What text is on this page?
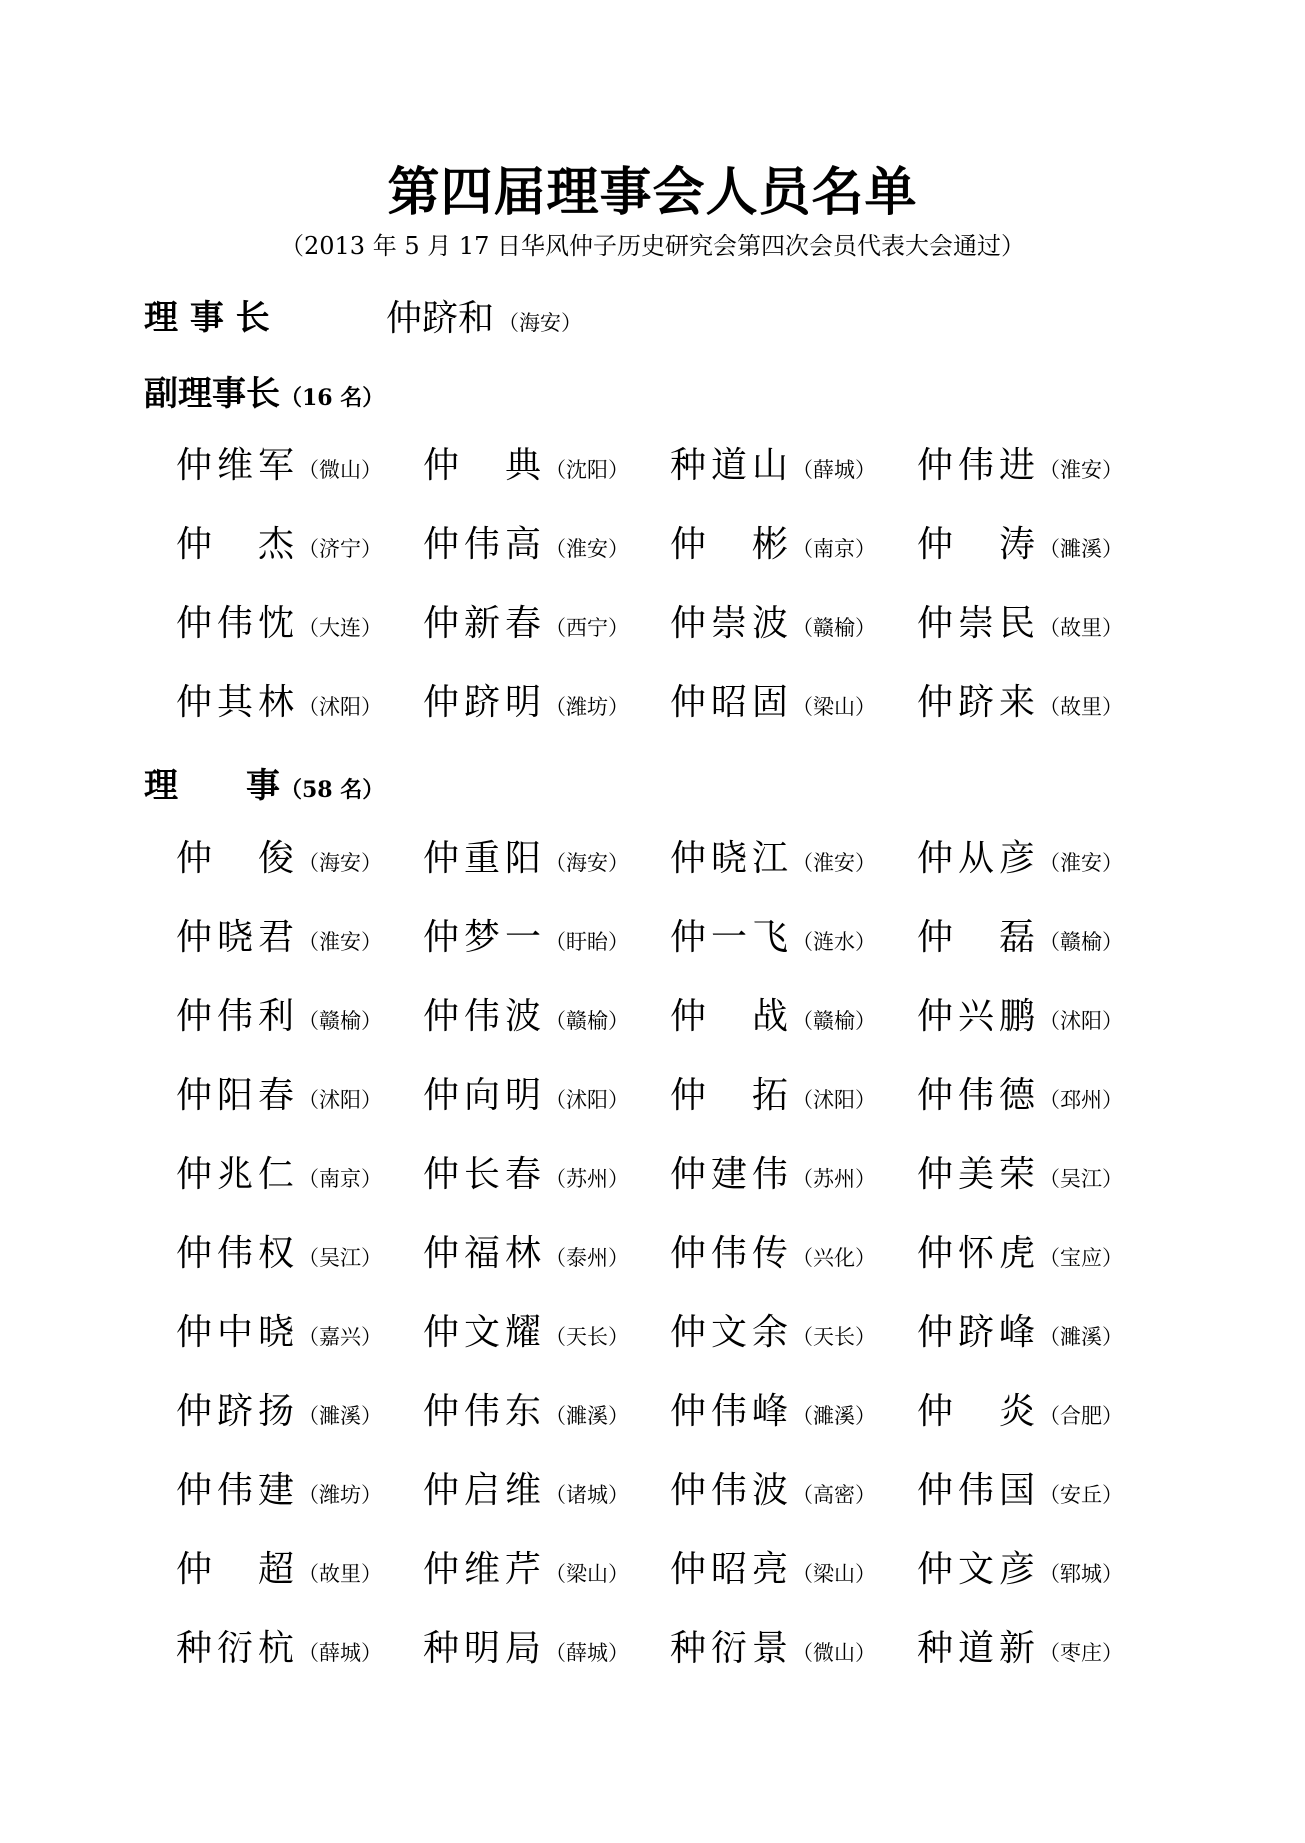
第四届理事会人员名单
（2013 年 5 月 17 日华风仲子历史研究会第四次会员代表大会通过）
理 事 长	仲跻和 （海安）
副理事长（16 名）
仲维军 （微山）	仲 典 （沈阳）	种道山 （薛城）	仲伟进 （淮安）
仲 杰 （济宁）	仲伟高 （淮安）	仲 彬 （南京）	仲 涛 （濉溪）
仲伟忱 （大连）	仲新春 （西宁）	仲崇波 （赣榆）	仲崇民 （故里）
仲其林 （沭阳）	仲跻明 （潍坊）	仲昭固 （梁山）	仲跻来 （故里）
理　　事（58 名）
仲 俊 （海安）	仲重阳 （海安）	仲晓江 （淮安）	仲从彦 （淮安）
仲晓君 （淮安）	仲梦一 （盱眙）	仲一飞 （涟水）	仲 磊 （赣榆）
仲伟利 （赣榆）	仲伟波 （赣榆）	仲 战 （赣榆）	仲兴鹏 （沭阳）
仲阳春 （沭阳）	仲向明 （沭阳）	仲 拓 （沭阳）	仲伟德 （邳州）
仲兆仁 （南京）	仲长春 （苏州）	仲建伟 （苏州）	仲美荣 （吴江）
仲伟权 （吴江）	仲福林 （泰州）	仲伟传 （兴化）	仲怀虎 （宝应）
仲中晓 （嘉兴）	仲文耀 （天长）	仲文余 （天长）	仲跻峰 （濉溪）
仲跻扬 （濉溪）	仲伟东 （濉溪）	仲伟峰 （濉溪）	仲 炎 （合肥）
仲伟建 （潍坊）	仲启维 （诸城）	仲伟波 （高密）	仲伟国 （安丘）
仲 超 （故里）	仲维芹 （梁山）	仲昭亮 （梁山）	仲文彦 （郓城）
种衍杭 （薛城）	种明局 （薛城）	种衍景 （微山）	种道新 （枣庄）
